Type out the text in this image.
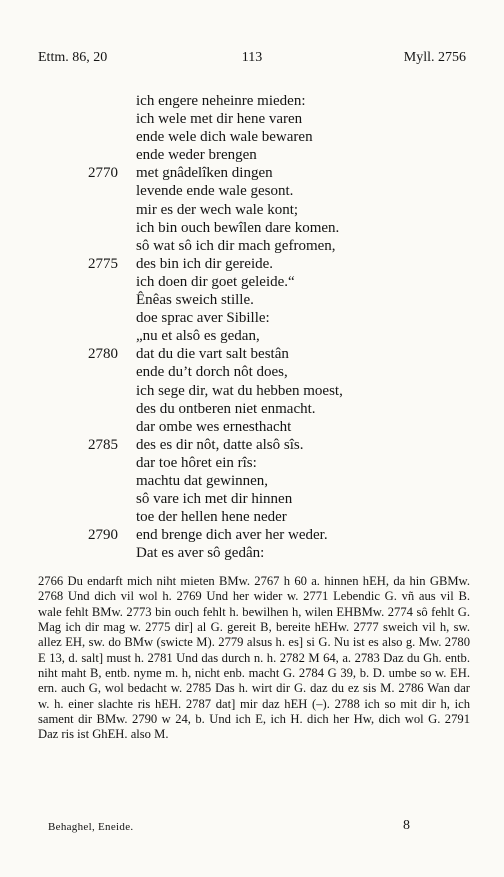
Ettm. 86, 20	113	Myll. 2756
ich engere neheinre mieden:
ich wele met dir hene varen
ende wele dich wale bewaren
ende weder brengen
2770	met gnâdelîken dingen
levende ende wale gesont.
mir es der wech wale kont;
ich bin ouch bewîlen dare komen.
sô wat sô ich dir mach gefromen,
2775	des bin ich dir gereide.
ich doen dir goet geleide.“
Ênêas sweich stille.
doe sprac aver Sibille:
„nu et alsô es gedan,
2780	dat du die vart salt bestân
ende du’t dorch nôt does,
ich sege dir, wat du hebben moest,
des du ontberen niet enmacht.
dar ombe wes ernesthacht
2785	des es dir nôt, datte alsô sîs.
dar toe hôret ein rîs:
machtu dat gewinnen,
sô vare ich met dir hinnen
toe der hellen hene neder
2790	end brenge dich aver her weder.
Dat es aver sô gedân:

2766 Du endarft mich niht mieten BMw. 2767 h 60 a. hinnen hEH, da hin GBMw. 2768 Und dich vil wol h. 2769 Und her wider w. 2771 Lebendic G. vñ aus vil B. wale fehlt BMw. 2773 bin ouch fehlt h. bewilhen h, wilen EHBMw. 2774 sô fehlt G. Mag ich dir mag w. 2775 dir] al G. gereit B, bereite hEHw. 2777 sweich vil h, sw. allez EH, sw. do BMw (swicte M). 2779 alsus h. es] si G. Nu ist es also g. Mw. 2780 E 13, d. salt] must h. 2781 Und das durch n. h. 2782 M 64, a. 2783 Daz du Gh. entb. niht maht B, entb. nyme m. h, nicht enb. macht G. 2784 G 39, b. D. umbe so w. EH. ern. auch G, wol bedacht w. 2785 Das h. wirt dir G. daz du ez sis M. 2786 Wan dar w. h. einer slachte ris hEH. 2787 dat] mir daz hEH (–). 2788 ich so mit dir h, ich sament dir BMw. 2790 w 24, b. Und ich E, ich H. dich her Hw, dich wol G. 2791 Daz ris ist GhEH. also M.

Behaghel, Eneide.	8
